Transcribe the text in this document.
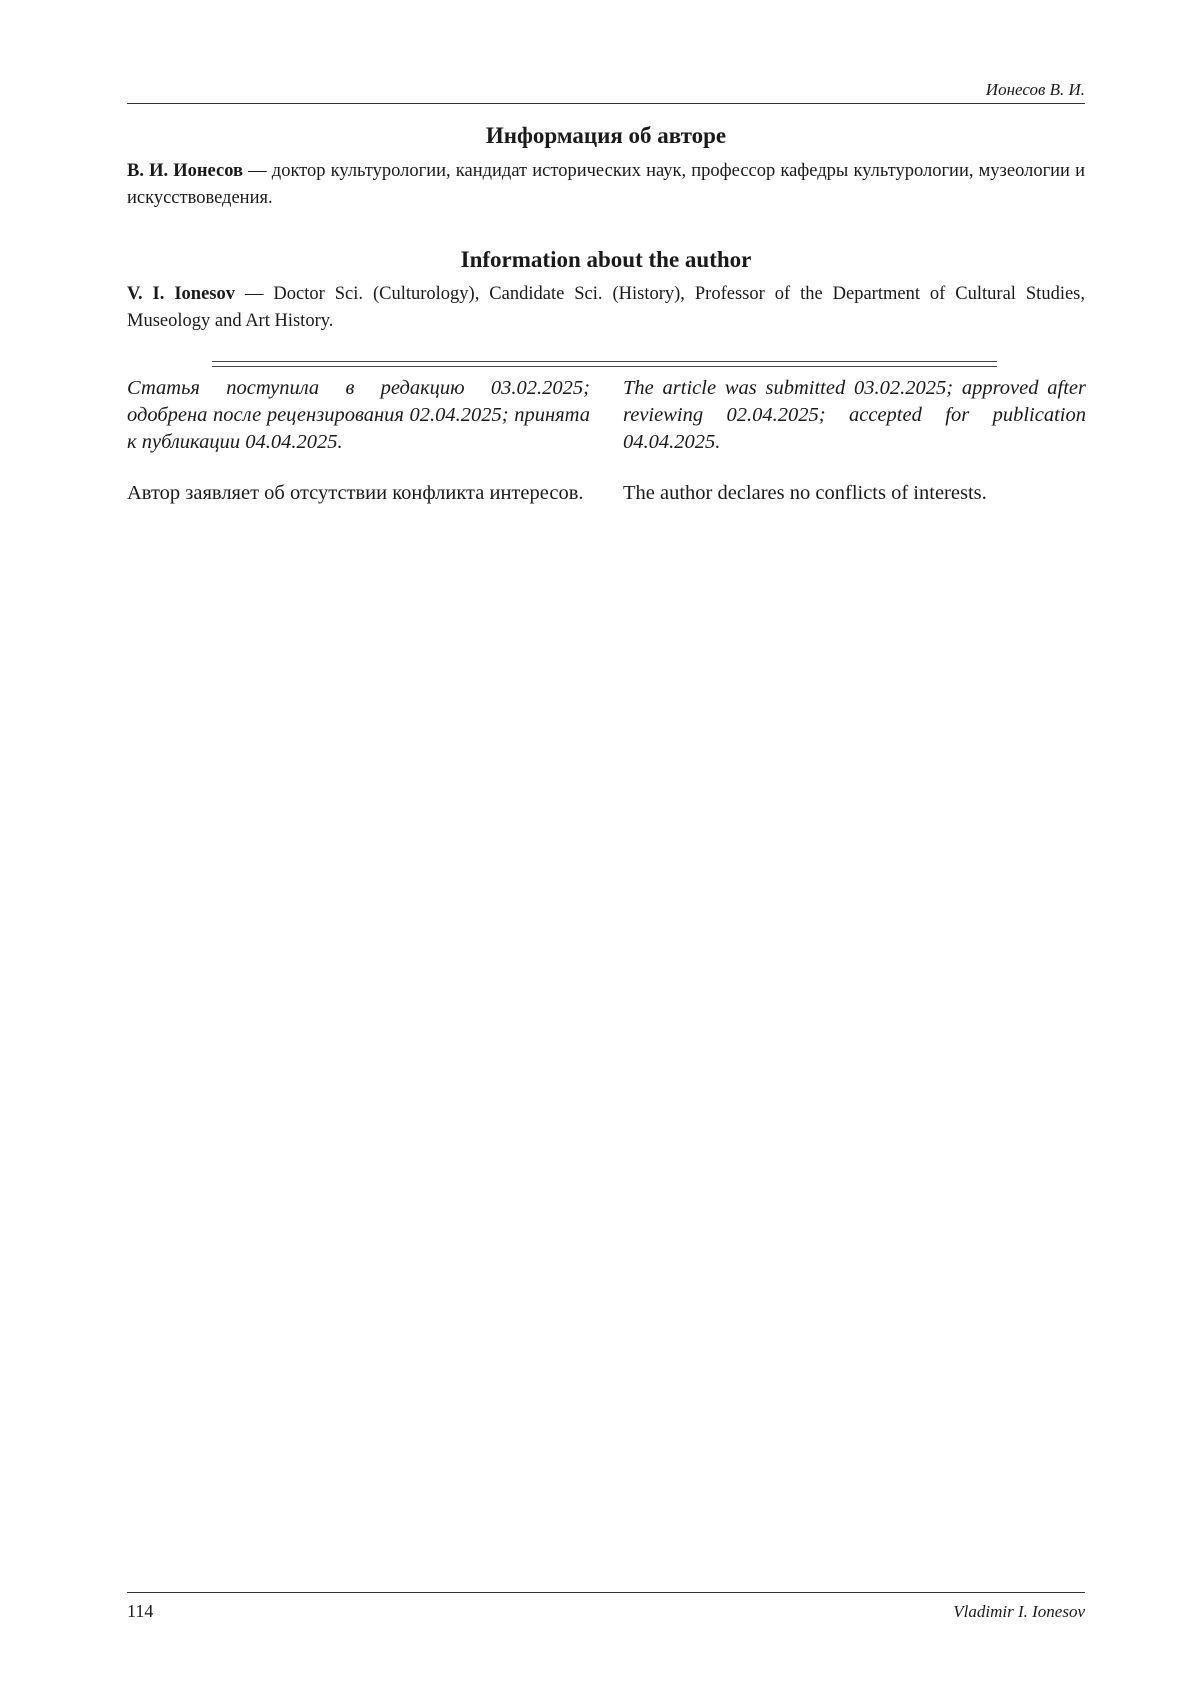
Ионесов В. И.
Информация об авторе
В. И. Ионесов — доктор культурологии, кандидат исторических наук, профессор кафедры культурологии, музеологии и искусствоведения.
Information about the author
V. I. Ionesov — Doctor Sci. (Culturology), Candidate Sci. (History), Professor of the Department of Cultural Studies, Museology and Art History.
Статья поступила в редакцию 03.02.2025; одобрена после рецензирования 02.04.2025; принята к публикации 04.04.2025.
The article was submitted 03.02.2025; approved after reviewing 02.04.2025; accepted for publication 04.04.2025.
Автор заявляет об отсутствии конфликта интересов.	The author declares no conflicts of interests.
114	Vladimir I. Ionesov
